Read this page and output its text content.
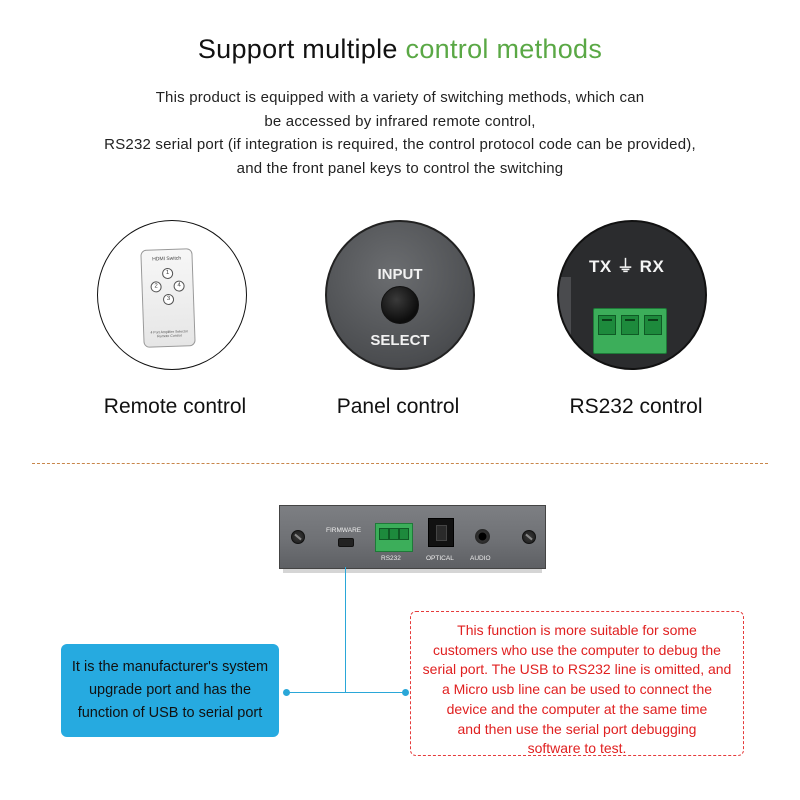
Support multiple control methods
This product is equipped with a variety of switching methods, which can
be accessed by infrared remote control,
RS232 serial port (if integration is required, the control protocol code can be provided),
and the front panel keys to control the switching
HDMI Switch
1
2	4
3
4 Port Amplifier Selector Remote Control
INPUT
SELECT
TX ⏚ RX
Remote control	Panel control	RS232 control
FIRMWARE
RS232	OPTICAL AUDIO
It is the manufacturer's system
upgrade port and has the
function of USB to serial port
This function is more suitable for some
customers who use the computer to debug the
serial port. The USB to RS232 line is omitted, and
a Micro usb line can be used to connect the
device and the computer at the same time
and then use the serial port debugging
software to test.
